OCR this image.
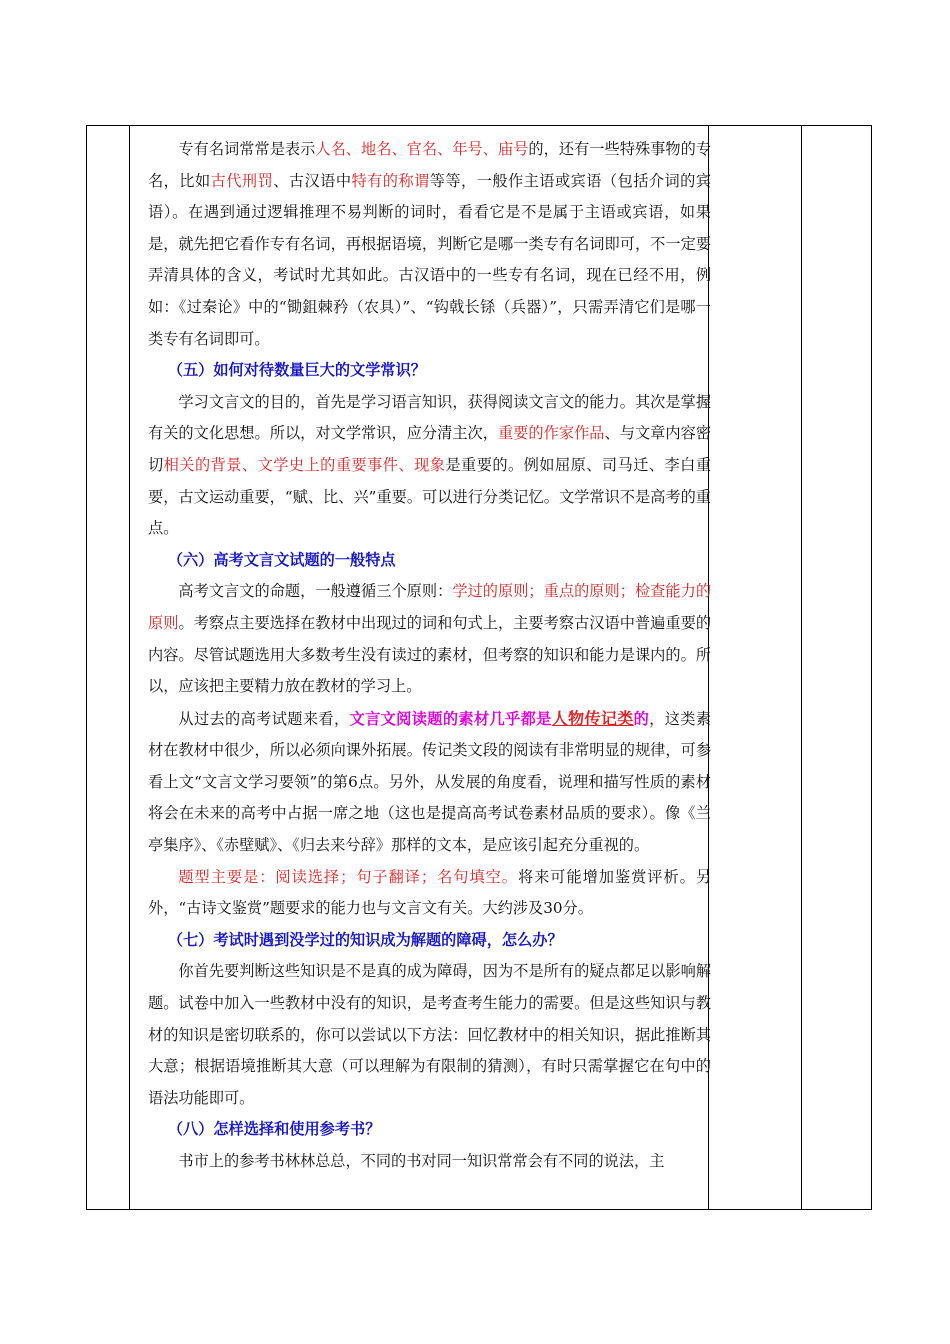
专有名词常常是表示人名、地名、官名、年号、庙号的，还有一些特殊事物的专名，比如古代刑罚、古汉语中特有的称谓等等，一般作主语或宾语（包括介词的宾语）。在遇到通过逻辑推理不易判断的词时，看看它是不是属于主语或宾语，如果是，就先把它看作专有名词，再根据语境，判断它是哪一类专有名词即可，不一定要弄清具体的含义，考试时尤其如此。古汉语中的一些专有名词，现在已经不用，例如：《过秦论》中的“锄鉏棘矜（农具）”、“钩戟长铩（兵器）”，只需弄清它们是哪一类专有名词即可。

（五）如何对待数量巨大的文学常识？

学习文言文的目的，首先是学习语言知识，获得阅读文言文的能力。其次是掌握有关的文化思想。所以，对文学常识，应分清主次，重要的作家作品、与文章内容密切相关的背景、文学史上的重要事件、现象是重要的。例如屈原、司马迁、李白重要，古文运动重要，“赋、比、兴”重要。可以进行分类记忆。文学常识不是高考的重点。

（六）高考文言文试题的一般特点

高考文言文的命题，一般遵循三个原则：学过的原则；重点的原则；检查能力的原则。考察点主要选择在教材中出现过的词和句式上，主要考察古汉语中普遍重要的内容。尽管试题选用大多数考生没有读过的素材，但考察的知识和能力是课内的。所以，应该把主要精力放在教材的学习上。

从过去的高考试题来看，文言文阅读题的素材几乎都是人物传记类的，这类素材在教材中很少，所以必须向课外拓展。传记类文段的阅读有非常明显的规律，可参看上文“文言文学习要领”的第6点。另外，从发展的角度看，说理和描写性质的素材将会在未来的高考中占据一席之地（这也是提高高考试卷素材品质的要求）。像《兰亭集序》、《赤壁赋》、《归去来兮辞》那样的文本，是应该引起充分重视的。

题型主要是：阅读选择；句子翻译；名句填空。将来可能增加鉴赏评析。另外，“古诗文鉴赏”题要求的能力也与文言文有关。大约涉及30分。

（七）考试时遇到没学过的知识成为解题的障碍，怎么办？

你首先要判断这些知识是不是真的成为障碍，因为不是所有的疑点都足以影响解题。试卷中加入一些教材中没有的知识，是考查考生能力的需要。但是这些知识与教材的知识是密切联系的，你可以尝试以下方法：回忆教材中的相关知识，据此推断其大意；根据语境推断其大意（可以理解为有限制的猜测），有时只需掌握它在句中的语法功能即可。

（八）怎样选择和使用参考书？

书市上的参考书林林总总，不同的书对同一知识常常会有不同的说法，主
